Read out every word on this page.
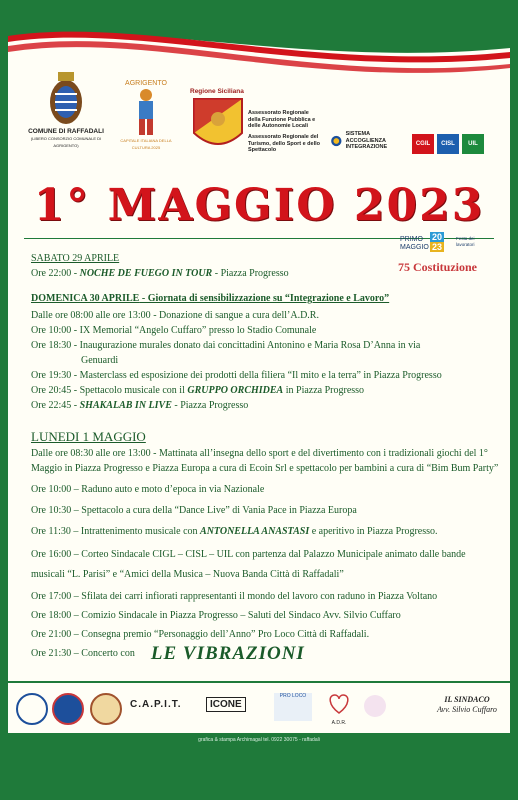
COMUNE DI RAFFADALI
(LIBERO CONSORZIO COMUNALE DI AGRIGENTO)
AGRIGENTO
CAPITALE ITALIANA DELLA CULTURA 2025
Regione Siciliana
Assessorato Regionale della Funzione Pubblica e delle Autonomie Locali
Assessorato Regionale del Turismo, dello Sport e dello Spettacolo
SISTEMA ACCOGLIENZA INTEGRAZIONE
CGIL	CISL	UIL
1° MAGGIO 2023
PRIMO
MAGGIO
20
23
Festa dei lavoratori
75 Costituzione
SABATO 29 APRILE
Ore 22:00 - NOCHE DE FUEGO IN TOUR - Piazza Progresso
DOMENICA 30 APRILE - Giornata di sensibilizzazione su “Integrazione e Lavoro”
Dalle ore 08:00 alle ore 13:00 - Donazione di sangue a cura dell’A.D.R.
Ore 10:00 - IX Memorial “Angelo Cuffaro” presso lo Stadio Comunale
Ore 18:30 - Inaugurazione murales donato dai concittadini Antonino e Maria Rosa D’Anna in via
Genuardi
Ore 19:30 - Masterclass ed esposizione dei prodotti della filiera “Il mito e la terra” in Piazza Progresso
Ore 20:45 - Spettacolo musicale con il GRUPPO ORCHIDEA in Piazza Progresso
Ore 22:45 - SHAKALAB IN LIVE - Piazza Progresso
LUNEDI 1 MAGGIO
Dalle ore 08:30 alle ore 13:00 - Mattinata all’insegna dello sport e del divertimento con i tradizionali giochi del 1° Maggio in Piazza Progresso e Piazza Europa a cura di Ecoin Srl e spettacolo per bambini a cura di “Bim Bum Party”
Ore 10:00 – Raduno auto e moto d’epoca in via Nazionale
Ore 10:30 – Spettacolo a cura della “Dance Live” di Vania Pace in Piazza Europa
Ore 11:30 – Intrattenimento musicale con ANTONELLA ANASTASI e aperitivo in Piazza Progresso.
Ore 16:00 – Corteo Sindacale CIGL – CISL – UIL con partenza dal Palazzo Municipale animato dalle bande musicali “L. Parisi” e “Amici della Musica – Nuova Banda Città di Raffadali”
Ore 17:00 – Sfilata dei carri infiorati rappresentanti il mondo del lavoro con raduno in Piazza Voltano
Ore 18:00 – Comizio Sindacale in Piazza Progresso – Saluti del Sindaco Avv. Silvio Cuffaro
Ore 21:00 – Consegna premio “Personaggio dell’Anno” Pro Loco Città di Raffadali.
Ore 21:30 – Concerto con LE VIBRAZIONI
C.A.P.I.T.	ICONE
PRO LOCO
A.D.R.
IL SINDACO
Avv. Silvio Cuffaro
grafica & stampa Archimagal tel. 0922 30075 - raffadali
